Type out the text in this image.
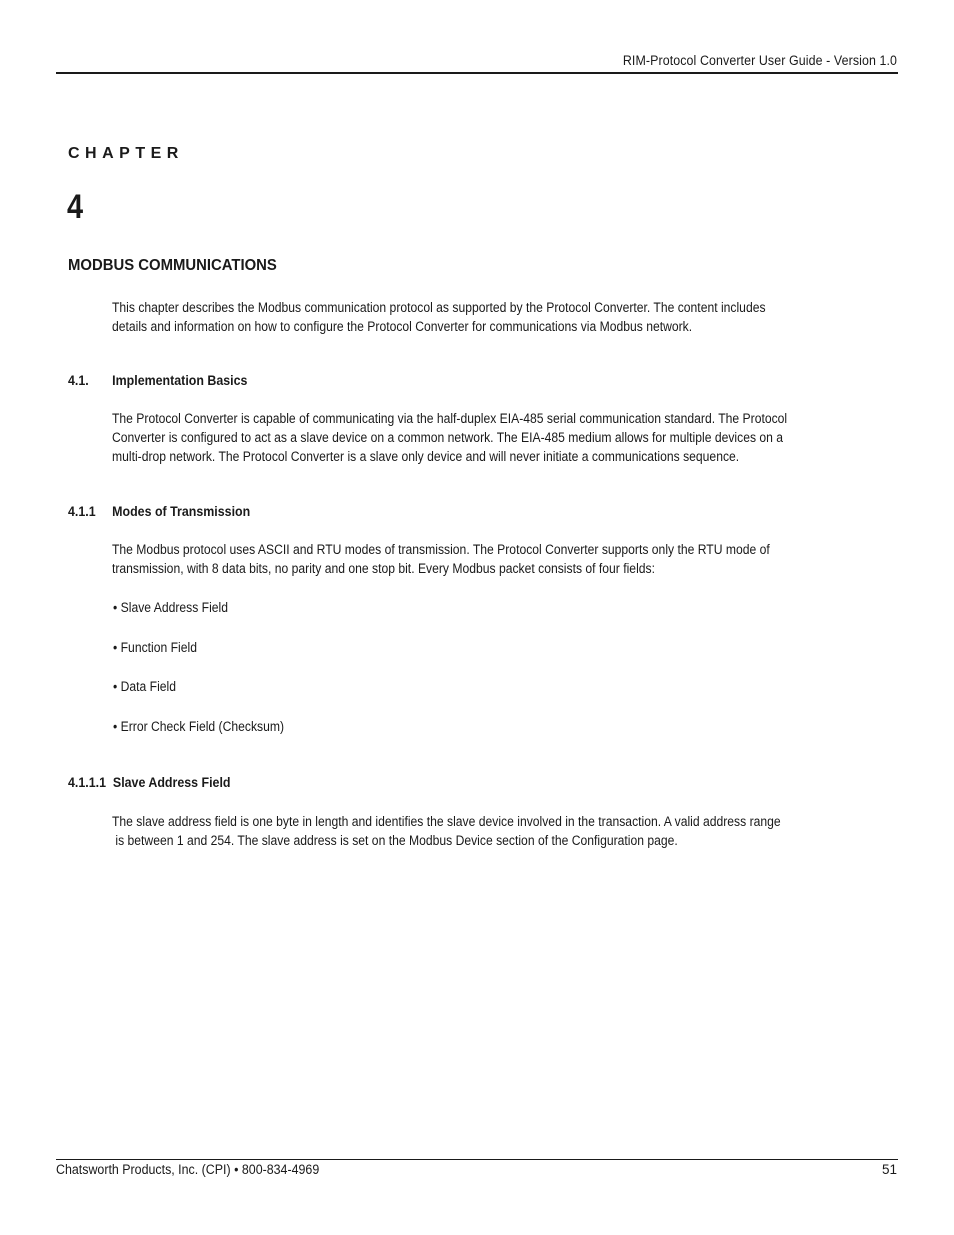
RIM-Protocol Converter User Guide - Version 1.0
CHAPTER
4
MODBUS COMMUNICATIONS
This chapter describes the Modbus communication protocol as supported by the Protocol Converter. The content includes
details and information on how to configure the Protocol Converter for communications via Modbus network.
4.1. Implementation Basics
The Protocol Converter is capable of communicating via the half-duplex EIA-485 serial communication standard. The Protocol
Converter is configured to act as a slave device on a common network. The EIA-485 medium allows for multiple devices on a
multi-drop network. The Protocol Converter is a slave only device and will never initiate a communications sequence.
4.1.1 Modes of Transmission
The Modbus protocol uses ASCII and RTU modes of transmission. The Protocol Converter supports only the RTU mode of
transmission, with 8 data bits, no parity and one stop bit. Every Modbus packet consists of four fields:
• Slave Address Field
• Function Field
• Data Field
• Error Check Field (Checksum)
4.1.1.1 Slave Address Field
The slave address field is one byte in length and identifies the slave device involved in the transaction. A valid address range
is between 1 and 254. The slave address is set on the Modbus Device section of the Configuration page.
Chatsworth Products, Inc. (CPI) • 800-834-4969	51
